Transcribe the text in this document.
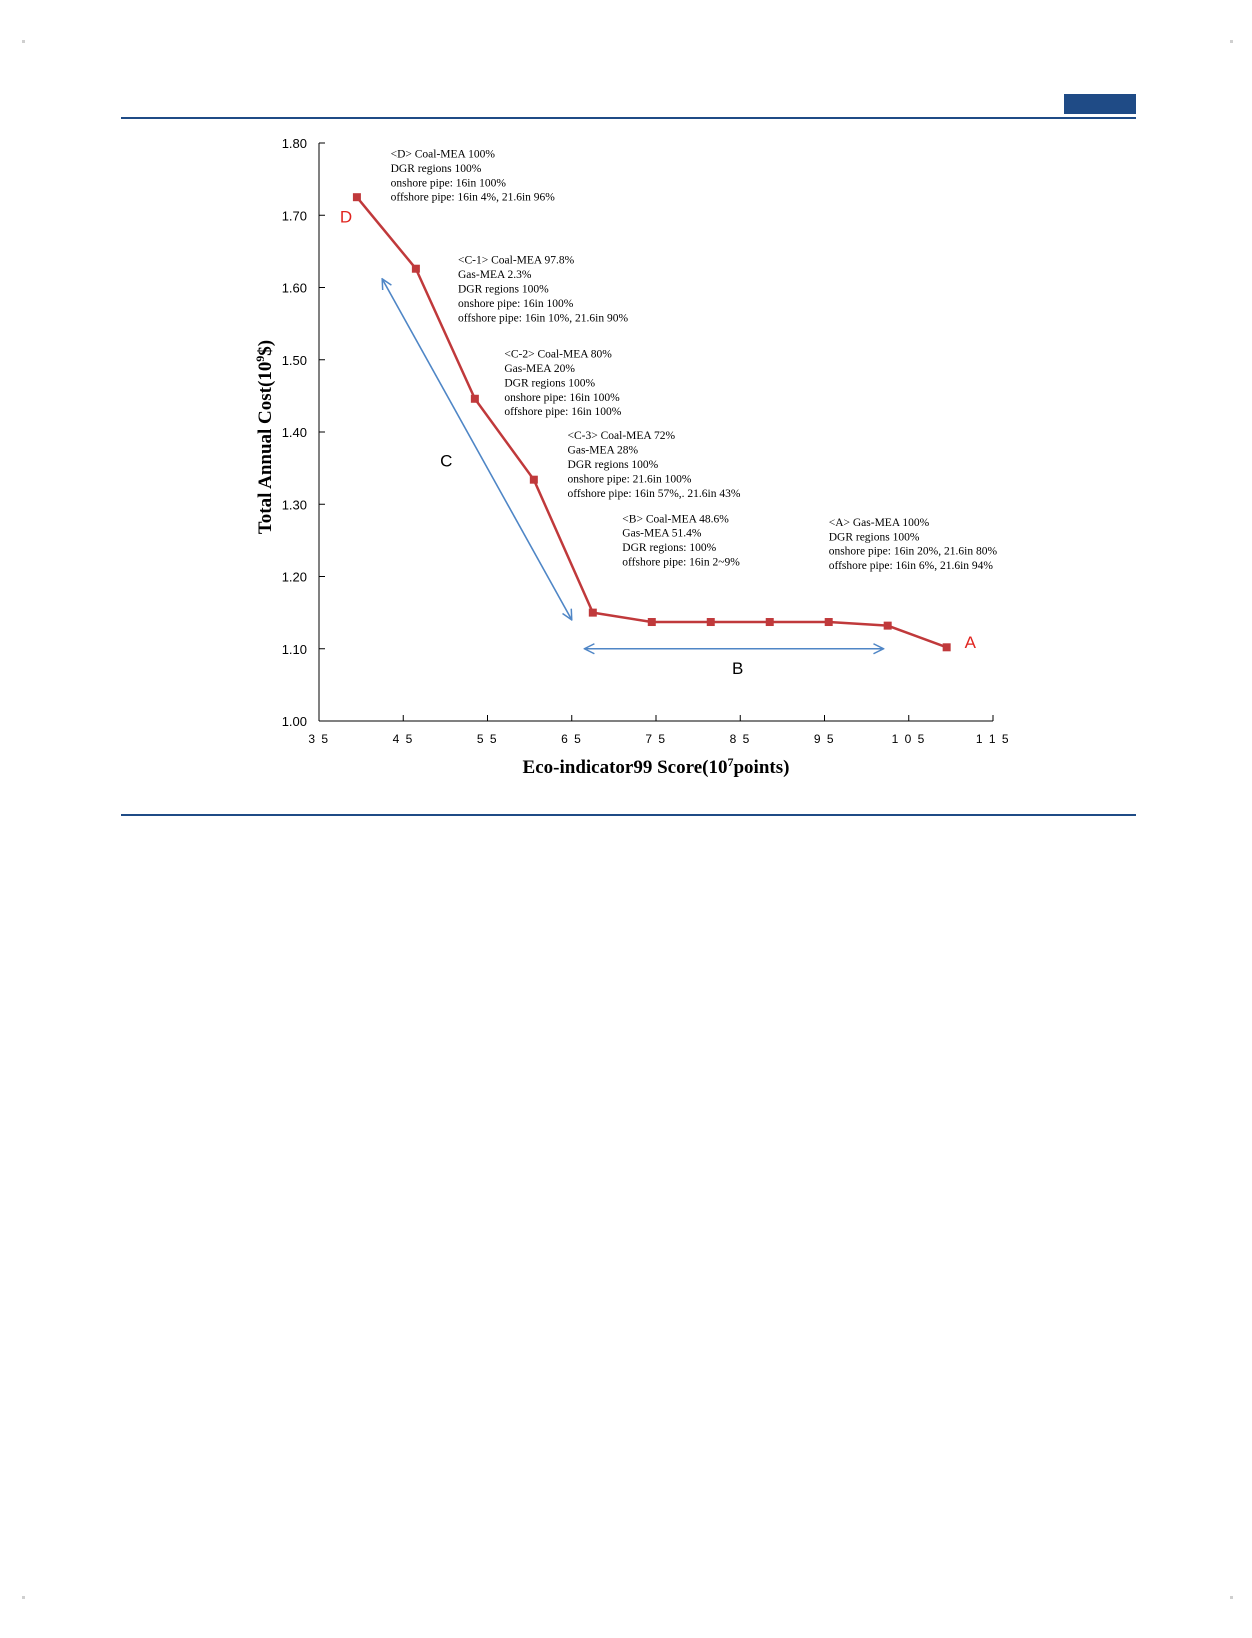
1.00
1.10
1.20
1.30
1.40
1.50
1.60
1.70
1.80
3 5	4 5	5 5	6 5	7 5	8 5	9 5	1 0 5	1 1 5
D
A
C
B
<D> Coal-MEA 100% DGR regions 100% onshore pipe: 16in 100% offshore pipe: 16in 4%, 21.6in 96%
<C-1> Coal-MEA 97.8% Gas-MEA 2.3% DGR regions 100% onshore pipe: 16in 100% offshore pipe: 16in 10%, 21.6in 90%
<C-2> Coal-MEA 80% Gas-MEA 20% DGR regions 100% onshore pipe: 16in 100% offshore pipe: 16in 100%
<C-3> Coal-MEA 72% Gas-MEA 28% DGR regions 100% onshore pipe: 21.6in 100% offshore pipe: 16in 57%,. 21.6in 43%
<B> Coal-MEA 48.6% Gas-MEA 51.4% DGR regions: 100% offshore pipe: 16in 2~9%
<A> Gas-MEA 100% DGR regions 100% onshore pipe: 16in 20%, 21.6in 80% offshore pipe: 16in 6%, 21.6in 94%
Total Annual $Cost(10^9\$)$
Eco-indicator99 $Score(10^7points)$
